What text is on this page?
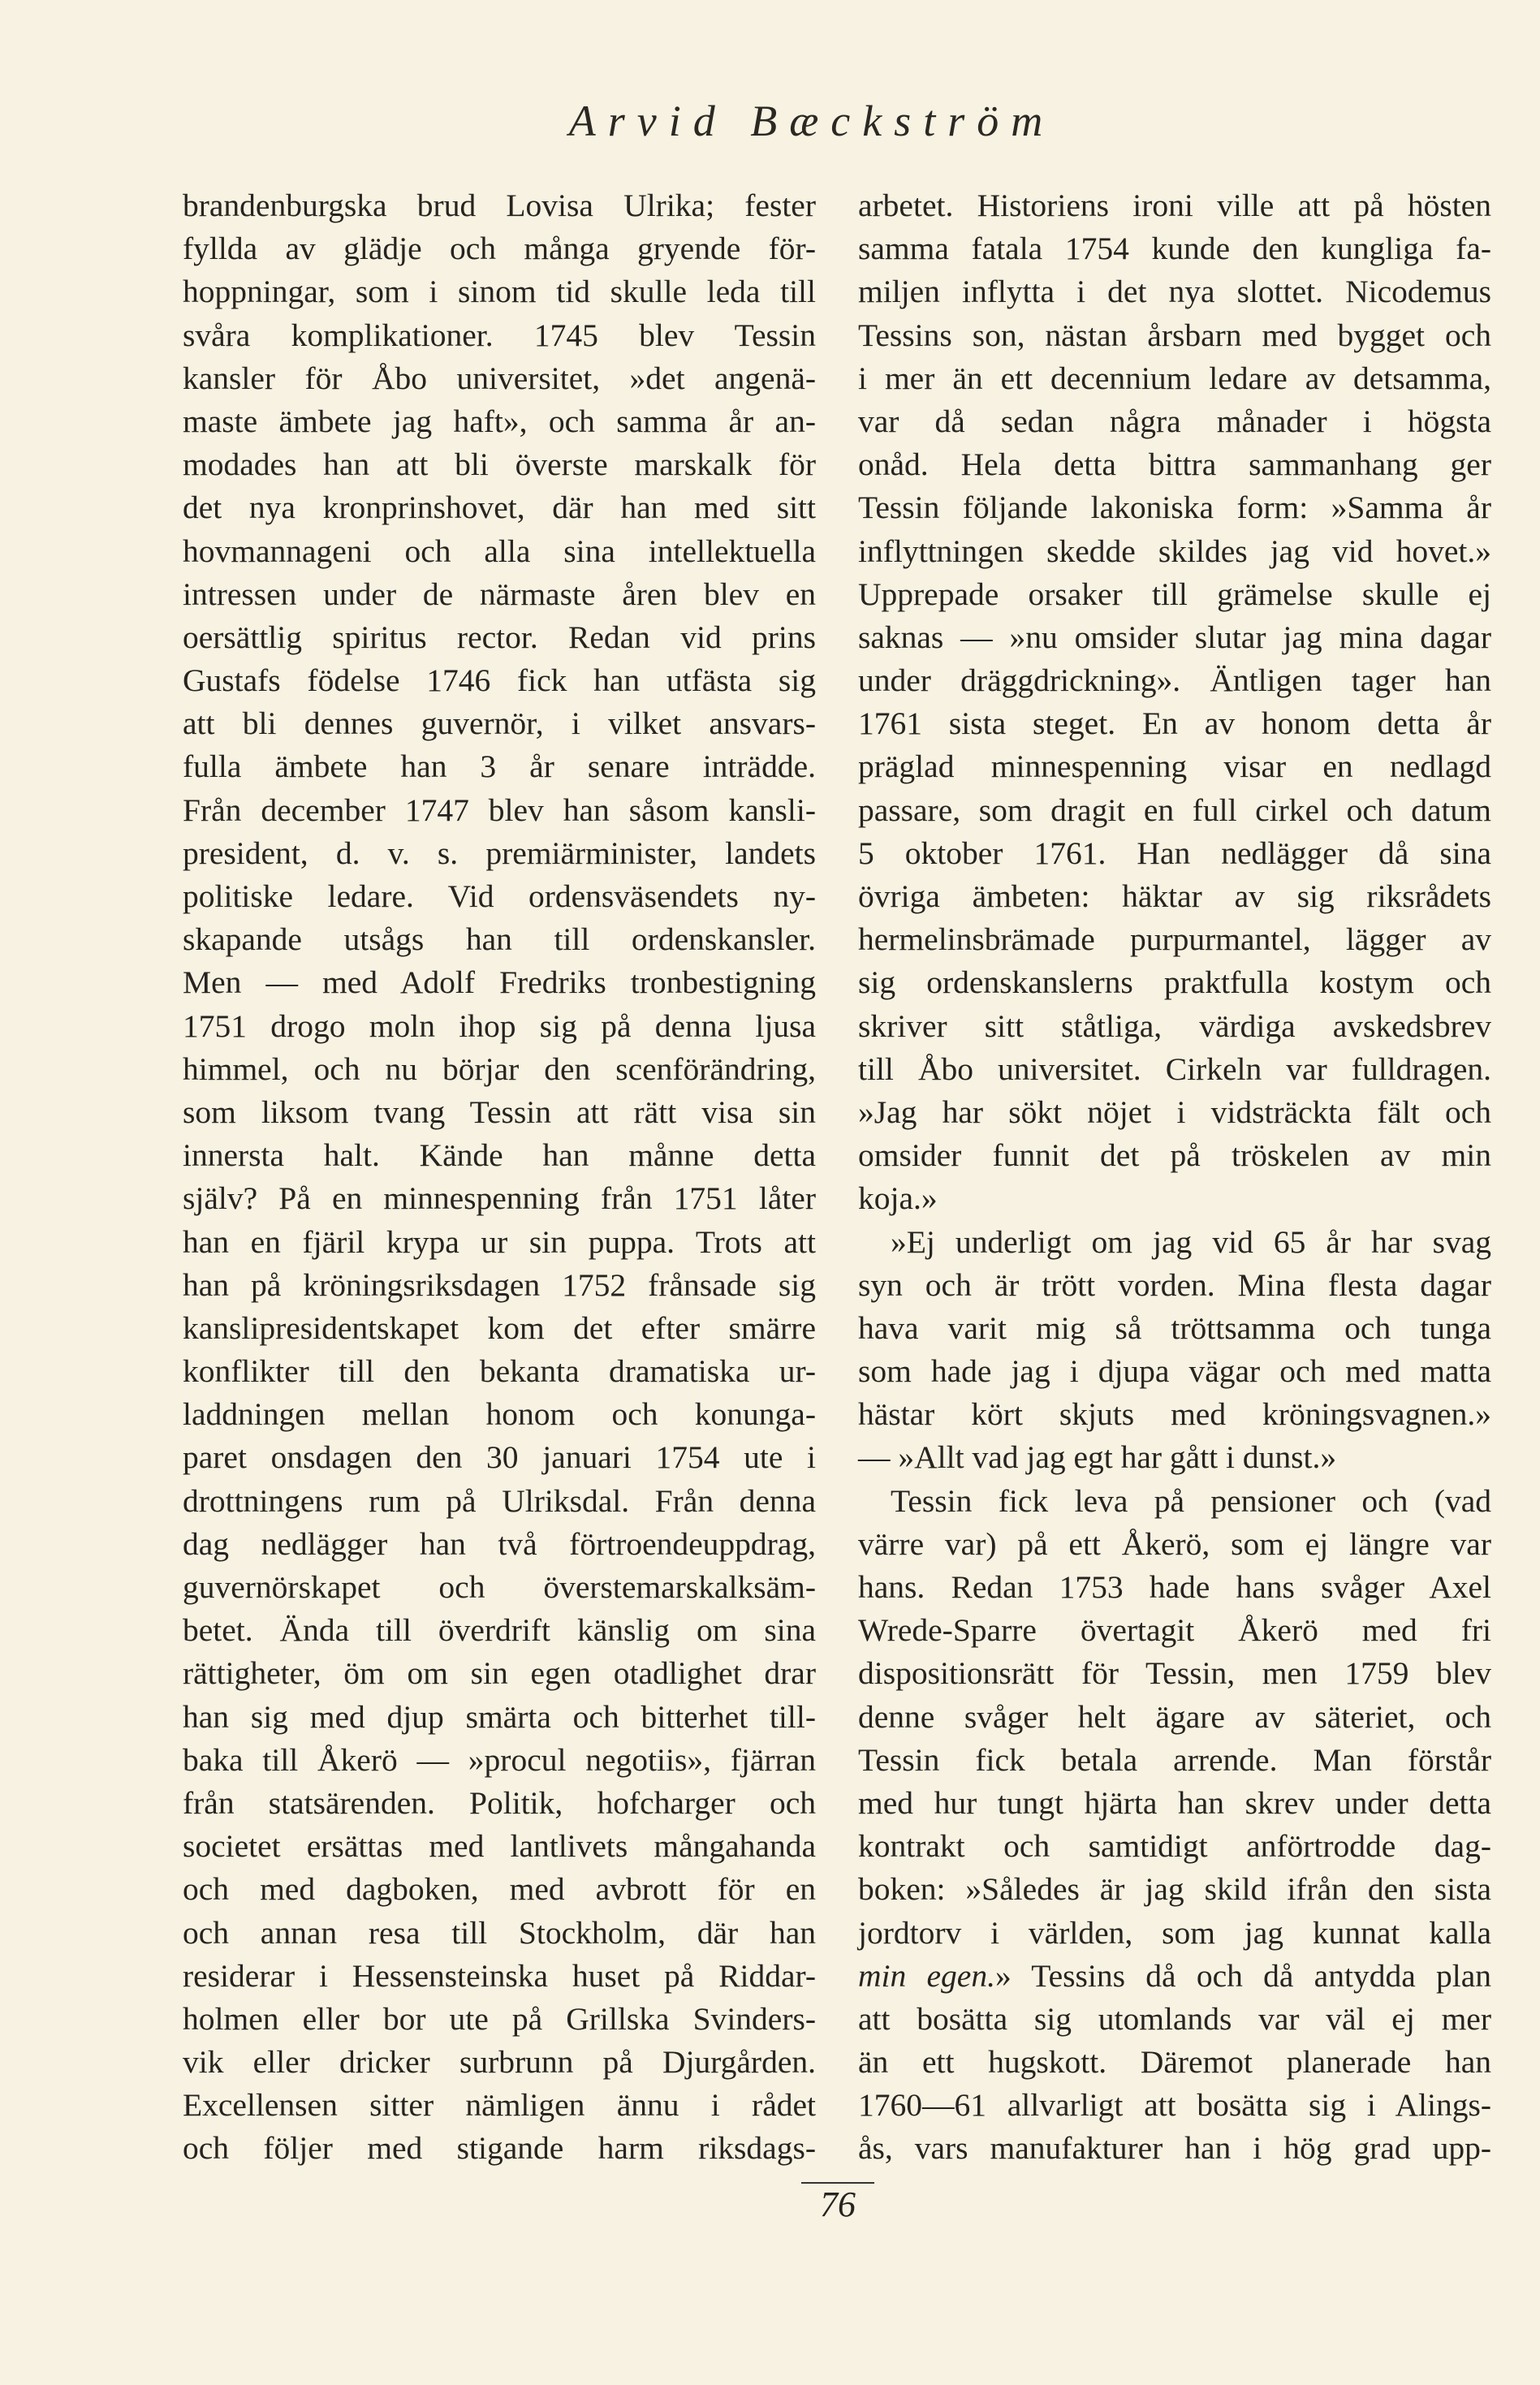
Arvid Bæckström
brandenburgska brud Lovisa Ulrika; fester
fyllda av glädje och många gryende för-
hoppningar, som i sinom tid skulle leda till
svåra komplikationer. 1745 blev Tessin
kansler för Åbo universitet, »det angenä-
maste ämbete jag haft», och samma år an-
modades han att bli överste marskalk för
det nya kronprinshovet, där han med sitt
hovmannageni och alla sina intellektuella
intressen under de närmaste åren blev en
oersättlig spiritus rector. Redan vid prins
Gustafs födelse 1746 fick han utfästa sig
att bli dennes guvernör, i vilket ansvars-
fulla ämbete han 3 år senare inträdde.
Från december 1747 blev han såsom kansli-
president, d. v. s. premiärminister, landets
politiske ledare. Vid ordensväsendets ny-
skapande utsågs han till ordenskansler.
Men — med Adolf Fredriks tronbestigning
1751 drogo moln ihop sig på denna ljusa
himmel, och nu börjar den scenförändring,
som liksom tvang Tessin att rätt visa sin
innersta halt. Kände han månne detta
själv? På en minnespenning från 1751 låter
han en fjäril krypa ur sin puppa. Trots att
han på kröningsriksdagen 1752 frånsade sig
kanslipresidentskapet kom det efter smärre
konflikter till den bekanta dramatiska ur-
laddningen mellan honom och konunga-
paret onsdagen den 30 januari 1754 ute i
drottningens rum på Ulriksdal. Från denna
dag nedlägger han två förtroendeuppdrag,
guvernörskapet och överstemarskalksäm-
betet. Ända till överdrift känslig om sina
rättigheter, öm om sin egen otadlighet drar
han sig med djup smärta och bitterhet till-
baka till Åkerö — »procul negotiis», fjärran
från statsärenden. Politik, hofcharger och
societet ersättas med lantlivets mångahanda
och med dagboken, med avbrott för en
och annan resa till Stockholm, där han
residerar i Hessensteinska huset på Riddar-
holmen eller bor ute på Grillska Svinders-
vik eller dricker surbrunn på Djurgården.
Excellensen sitter nämligen ännu i rådet
och följer med stigande harm riksdags-
arbetet. Historiens ironi ville att på hösten
samma fatala 1754 kunde den kungliga fa-
miljen inflytta i det nya slottet. Nicodemus
Tessins son, nästan årsbarn med bygget och
i mer än ett decennium ledare av detsamma,
var då sedan några månader i högsta
onåd. Hela detta bittra sammanhang ger
Tessin följande lakoniska form: »Samma år
inflyttningen skedde skildes jag vid hovet.»
Upprepade orsaker till grämelse skulle ej
saknas — »nu omsider slutar jag mina dagar
under dräggdrickning». Äntligen tager han
1761 sista steget. En av honom detta år
präglad minnespenning visar en nedlagd
passare, som dragit en full cirkel och datum
5 oktober 1761. Han nedlägger då sina
övriga ämbeten: häktar av sig riksrådets
hermelinsbrämade purpurmantel, lägger av
sig ordenskanslerns praktfulla kostym och
skriver sitt ståtliga, värdiga avskedsbrev
till Åbo universitet. Cirkeln var fulldragen.
»Jag har sökt nöjet i vidsträckta fält och
omsider funnit det på tröskelen av min
koja.»
»Ej underligt om jag vid 65 år har svag
syn och är trött vorden. Mina flesta dagar
hava varit mig så tröttsamma och tunga
som hade jag i djupa vägar och med matta
hästar kört skjuts med kröningsvagnen.»
— »Allt vad jag egt har gått i dunst.»
Tessin fick leva på pensioner och (vad
värre var) på ett Åkerö, som ej längre var
hans. Redan 1753 hade hans svåger Axel
Wrede-Sparre övertagit Åkerö med fri
dispositionsrätt för Tessin, men 1759 blev
denne svåger helt ägare av säteriet, och
Tessin fick betala arrende. Man förstår
med hur tungt hjärta han skrev under detta
kontrakt och samtidigt anförtrodde dag-
boken: »Således är jag skild ifrån den sista
jordtorv i världen, som jag kunnat kalla
min egen.» Tessins då och då antydda plan
att bosätta sig utomlands var väl ej mer
än ett hugskott. Däremot planerade han
1760—61 allvarligt att bosätta sig i Alings-
ås, vars manufakturer han i hög grad upp-
76
